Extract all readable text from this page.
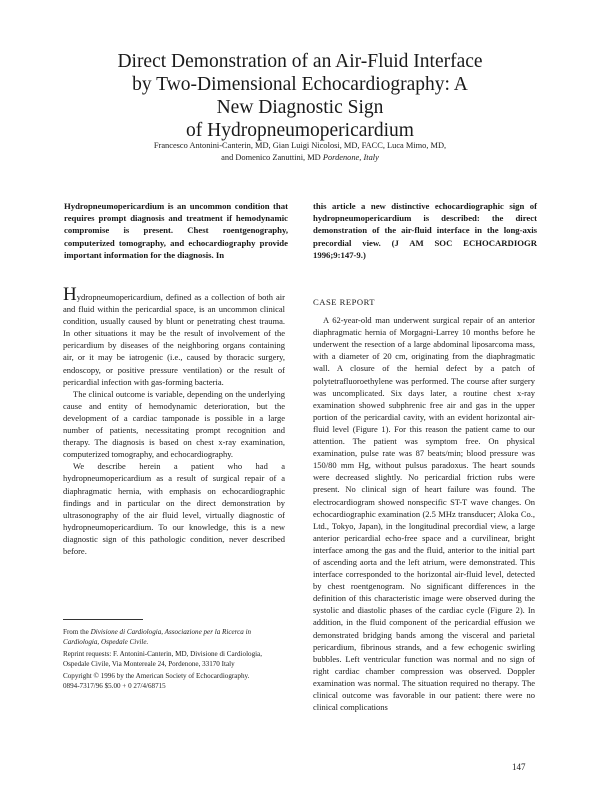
Direct Demonstration of an Air-Fluid Interface
by Two-Dimensional Echocardiography: A
New Diagnostic Sign
of Hydropneumopericardium
Francesco Antonini-Canterin, MD, Gian Luigi Nicolosi, MD, FACC, Luca Mimo, MD,
and Domenico Zanuttini, MD Pordenone, Italy
Hydropneumopericardium is an uncommon condition that requires prompt diagnosis and treatment if hemodynamic compromise is present. Chest roentgenography, computerized tomography, and echocardiography provide important information for the diagnosis. In
this article a new distinctive echocardiographic sign of hydropneumopericardium is described: the direct demonstration of the air-fluid interface in the long-axis precordial view. (J AM SOC ECHOCARDIOGR 1996;9:147-9.)

Hydropneumopericardium, defined as a collection of both air and fluid within the pericardial space, is an uncommon clinical condition, usually caused by blunt or penetrating chest trauma. In other situations it may be the result of involvement of the pericardium by diseases of the neighboring organs containing air, or it may be iatrogenic (i.e., caused by thoracic surgery, endoscopy, or positive pressure ventilation) or the result of pericardial infection with gas-forming bacteria.

The clinical outcome is variable, depending on the underlying cause and entity of hemodynamic deterioration, but the development of a cardiac tamponade is possible in a large number of patients, necessitating prompt recognition and therapy. The diagnosis is based on chest x-ray examination, computerized tomography, and echocardiography.

We describe herein a patient who had a hydropneumopericardium as a result of surgical repair of a diaphragmatic hernia, with emphasis on echocardiographic findings and in particular on the direct demonstration by ultrasonography of the air fluid level, virtually diagnostic of hydropneumopericardium. To our knowledge, this is a new diagnostic sign of this pathologic condition, never described before.

CASE REPORT

A 62-year-old man underwent surgical repair of an anterior diaphragmatic hernia of Morgagni-Larrey 10 months before he underwent the resection of a large abdominal liposarcoma mass, with a diameter of 20 cm, originating from the diaphragmatic wall. A closure of the hernial defect by a patch of polytetrafluoroethylene was performed. The course after surgery was uncomplicated. Six days later, a routine chest x-ray examination showed subphrenic free air and gas in the upper portion of the pericardial cavity, with an evident horizontal air-fluid level (Figure 1). For this reason the patient came to our attention. The patient was symptom free. On physical examination, pulse rate was 87 beats/min; blood pressure was 150/80 mm Hg, without pulsus paradoxus. The heart sounds were decreased slightly. No pericardial friction rubs were present. No clinical sign of heart failure was found. The electrocardiogram showed nonspecific ST-T wave changes. On echocardiographic examination (2.5 MHz transducer; Aloka Co., Ltd., Tokyo, Japan), in the longitudinal precordial view, a large anterior pericardial echo-free space and a curvilinear, bright interface among the gas and the fluid, anterior to the initial part of ascending aorta and the left atrium, were demonstrated. This interface corresponded to the horizontal air-fluid level, detected by chest roentgenogram. No significant differences in the definition of this characteristic image were observed during the systolic and diastolic phases of the cardiac cycle (Figure 2). In addition, in the fluid component of the pericardial effusion we demonstrated bridging bands among the visceral and parietal pericardium, fibrinous strands, and a few echogenic swirling bubbles. Left ventricular function was normal and no sign of right cardiac chamber compression was observed. Doppler examination was normal. The situation required no therapy. The clinical outcome was favorable in our patient: there were no clinical complications

From the Divisione di Cardiologia, Associazione per la Ricerca in Cardiologia, Ospedale Civile.
Reprint requests: F. Antonini-Canterin, MD, Divisione di Cardiologia, Ospedale Civile, Via Montereale 24, Pordenone, 33170 Italy
Copyright © 1996 by the American Society of Echocardiography.
0894-7317/96 $5.00 + 0 27/4/68715
147
